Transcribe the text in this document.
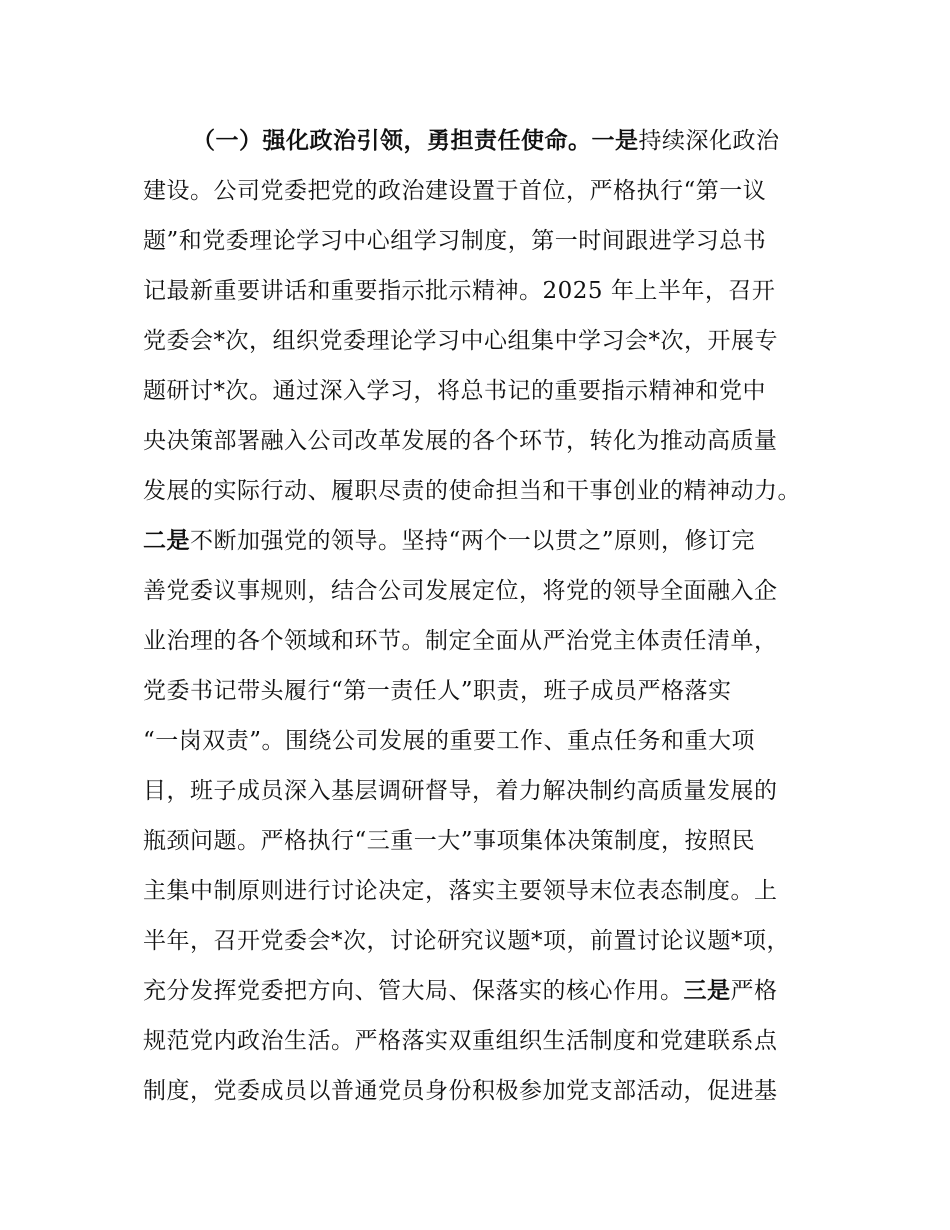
（一）强化政治引领，勇担责任使命。一是持续深化政治
建设。公司党委把党的政治建设置于首位，严格执行“第一议
题”和党委理论学习中心组学习制度，第一时间跟进学习总书
记最新重要讲话和重要指示批示精神。2025 年上半年，召开
党委会*次，组织党委理论学习中心组集中学习会*次，开展专
题研讨*次。通过深入学习，将总书记的重要指示精神和党中
央决策部署融入公司改革发展的各个环节，转化为推动高质量
发展的实际行动、履职尽责的使命担当和干事创业的精神动力。
二是不断加强党的领导。坚持“两个一以贯之”原则，修订完
善党委议事规则，结合公司发展定位，将党的领导全面融入企
业治理的各个领域和环节。制定全面从严治党主体责任清单，
党委书记带头履行“第一责任人”职责，班子成员严格落实
“一岗双责”。围绕公司发展的重要工作、重点任务和重大项
目，班子成员深入基层调研督导，着力解决制约高质量发展的
瓶颈问题。严格执行“三重一大”事项集体决策制度，按照民
主集中制原则进行讨论决定，落实主要领导末位表态制度。上
半年，召开党委会*次，讨论研究议题*项，前置讨论议题*项，
充分发挥党委把方向、管大局、保落实的核心作用。三是严格
规范党内政治生活。严格落实双重组织生活制度和党建联系点
制度，党委成员以普通党员身份积极参加党支部活动，促进基
